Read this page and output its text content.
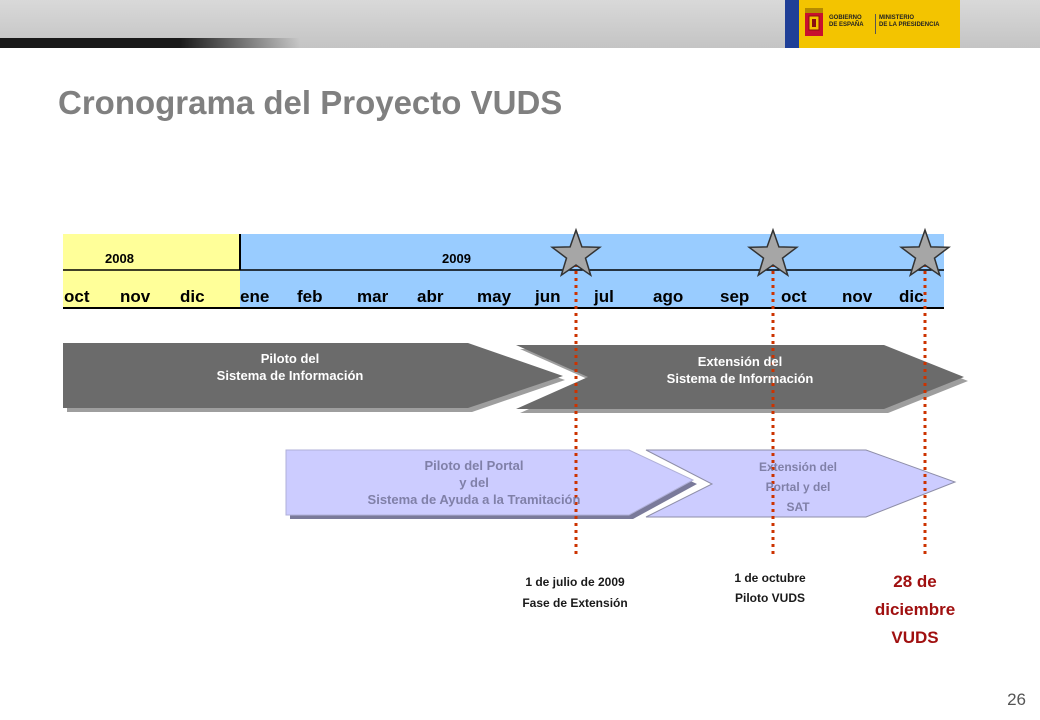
GOBIERNO
DE ESPAÑA
MINISTERIO
DE LA PRESIDENCIA
Cronograma del Proyecto VUDS
2008	2009
oct nov dic ene feb mar abr may jun jul ago sep oct nov dic
Piloto del
Sistema de Información
Extensión del
Sistema de Información
Piloto del Portal
y del
Sistema de Ayuda a la Tramitación
Extensión del
Portal y del
SAT
1 de julio de 2009
Fase de Extensión
1 de octubre
Piloto VUDS
28 de
diciembre
VUDS
26
